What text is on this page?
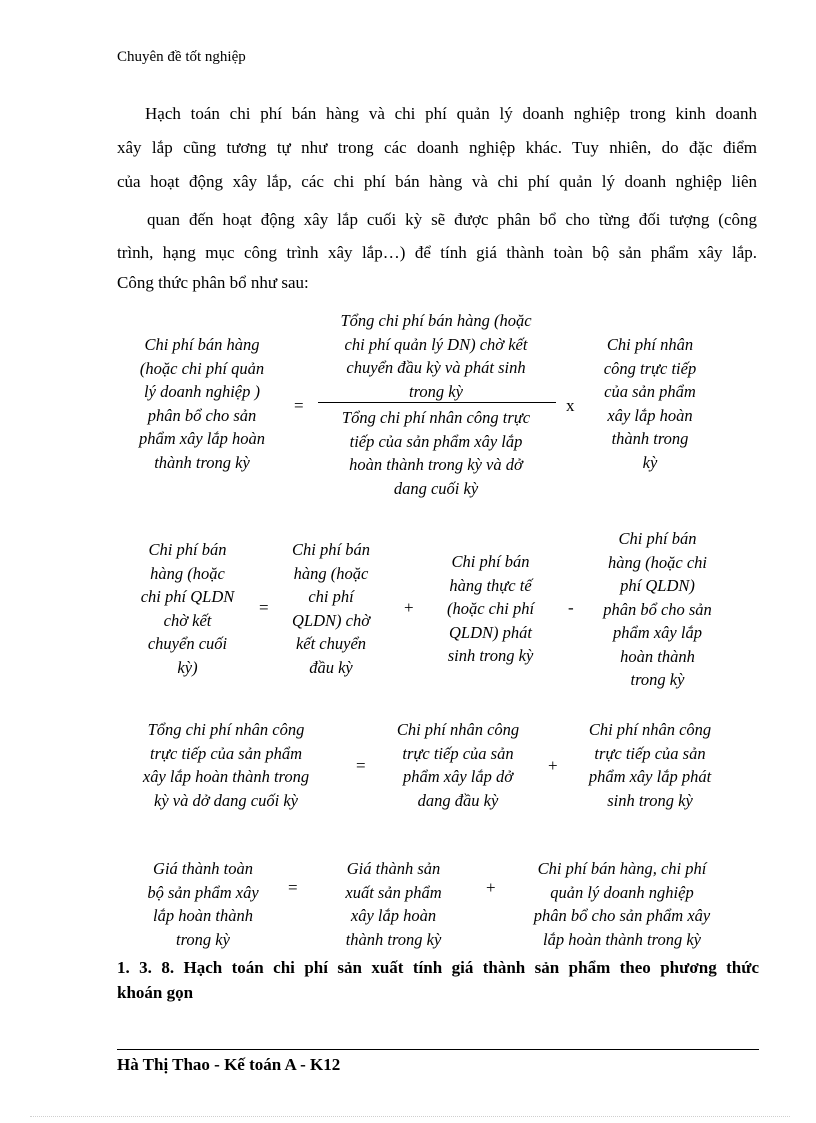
Chuyên đề tốt nghiệp
Hạch toán chi phí bán hàng và chi phí quản lý doanh nghiệp trong kinh doanh
xây lắp cũng tương tự như trong các doanh nghiệp khác. Tuy nhiên, do đặc điểm
của hoạt động xây lắp, các chi phí bán hàng và chi phí quản lý doanh nghiệp liên
quan đến hoạt động xây lắp cuối kỳ sẽ được phân bổ cho từng đối tượng (công
trình, hạng mục công trình xây lắp…) để tính giá thành toàn bộ sản phẩm xây lắp.
Công thức phân bổ như sau:
Chi phí bán hàng
(hoặc chi phí quản
lý doanh nghiệp )
phân bổ cho sản
phẩm xây lắp hoàn
thành trong kỳ
=
Tổng chi phí bán hàng (hoặc
chi phí quản lý DN) chờ kết
chuyển đầu kỳ và phát sinh
trong kỳ
Tổng chi phí nhân công trực
tiếp của sản phẩm xây lắp
hoàn thành trong kỳ và dở
dang cuối kỳ
x
Chi phí nhân
công trực tiếp
của sản phẩm
xây lắp hoàn
thành trong
kỳ
Chi phí bán
hàng (hoặc
chi phí QLDN
chờ kết
chuyển cuối
kỳ)
=
Chi phí bán
hàng (hoặc
chi phí
QLDN) chờ
kết chuyển
đầu kỳ
+
Chi phí bán
hàng thực tế
(hoặc chi phí
QLDN) phát
sinh trong kỳ
-
Chi phí bán
hàng (hoặc chi
phí QLDN)
phân bổ cho sản
phẩm xây lắp
hoàn thành
trong kỳ
Tổng chi phí nhân công
trực tiếp của sản phẩm
xây lắp hoàn thành trong
kỳ và dở dang cuối kỳ
=
Chi phí nhân công
trực tiếp của sản
phẩm xây lắp dở
dang đầu kỳ
+
Chi phí nhân công
trực tiếp của sản
phẩm xây lắp phát
sinh trong kỳ
Giá thành toàn
bộ sản phẩm xây
lắp hoàn thành
trong kỳ
=
Giá thành sản
xuất sản phẩm
xây lắp hoàn
thành trong kỳ
+
Chi phí bán hàng, chi phí
quản lý doanh nghiệp
phân bổ cho sản phẩm xây
lắp hoàn thành trong kỳ
1. 3. 8. Hạch toán chi phí sản xuất tính giá thành sản phẩm theo phương thức
khoán gọn
Hà Thị Thao - Kế toán A - K12
